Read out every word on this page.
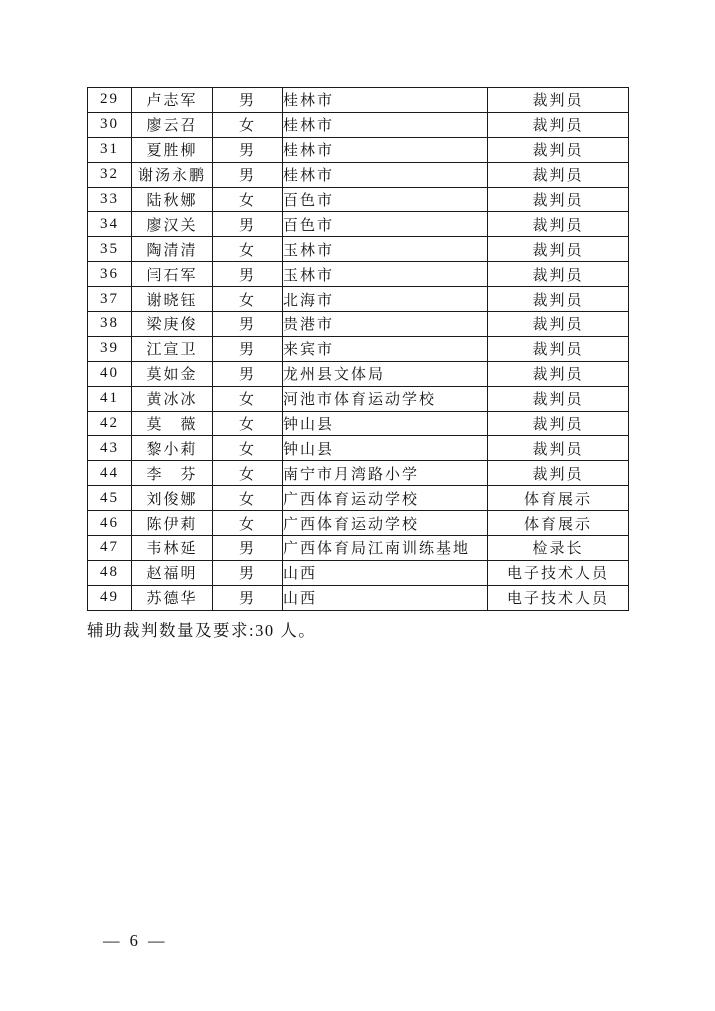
29	卢志军	男	桂林市	裁判员
30	廖云召	女	桂林市	裁判员
31	夏胜柳	男	桂林市	裁判员
32	谢汤永鹏	男	桂林市	裁判员
33	陆秋娜	女	百色市	裁判员
34	廖汉关	男	百色市	裁判员
35	陶清清	女	玉林市	裁判员
36	闫石军	男	玉林市	裁判员
37	谢晓钰	女	北海市	裁判员
38	梁庚俊	男	贵港市	裁判员
39	江宣卫	男	来宾市	裁判员
40	莫如金	男	龙州县文体局	裁判员
41	黄冰冰	女	河池市体育运动学校	裁判员
42	莫　薇	女	钟山县	裁判员
43	黎小莉	女	钟山县	裁判员
44	李　芬	女	南宁市月湾路小学	裁判员
45	刘俊娜	女	广西体育运动学校	体育展示
46	陈伊莉	女	广西体育运动学校	体育展示
47	韦林延	男	广西体育局江南训练基地	检录长
48	赵福明	男	山西	电子技术人员
49	苏德华	男	山西	电子技术人员
辅助裁判数量及要求:30 人。
— 6 —
